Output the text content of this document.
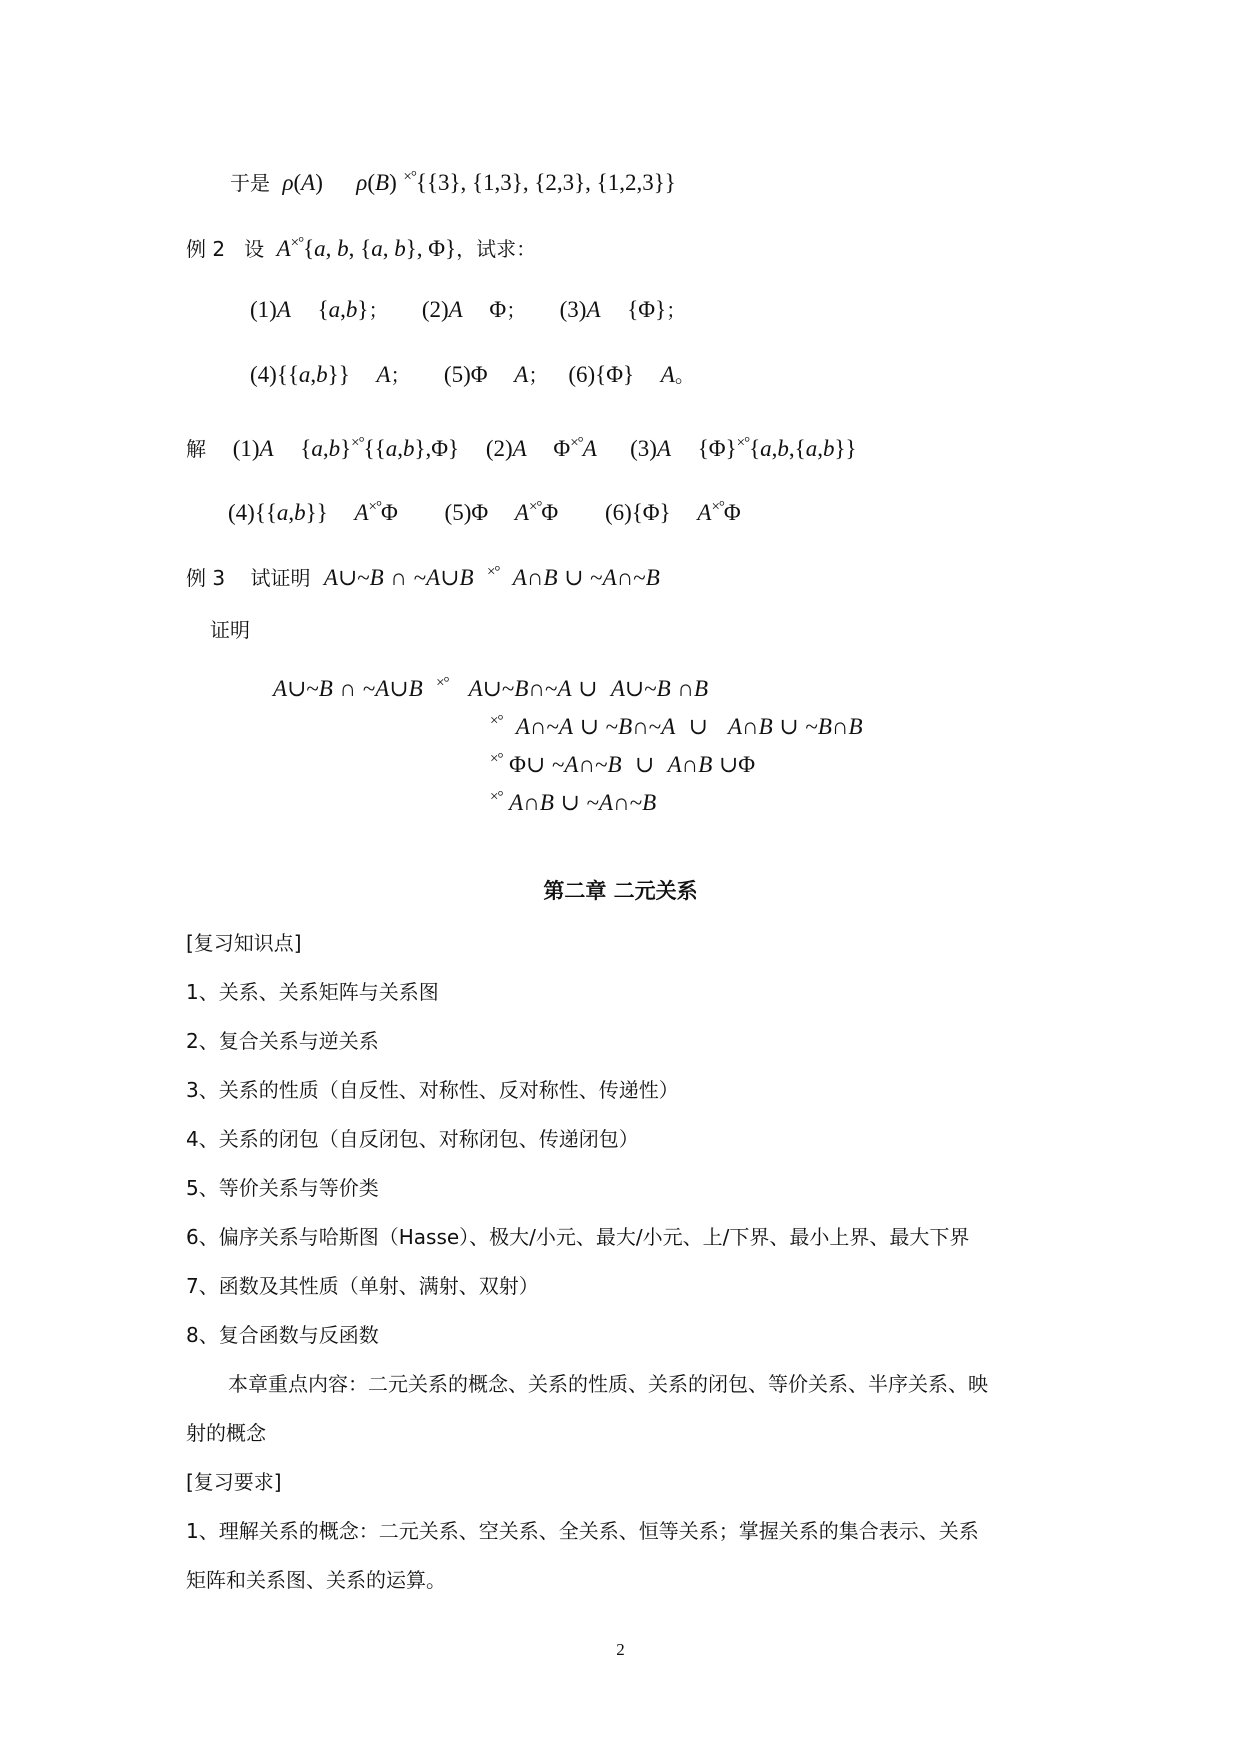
于是  ρ(A) ρ(B) ×°{{3}, {1,3}, {2,3}, {1,2,3}}
例 2   设  A×°{a, b, {a, b}, Φ}，试求：
(1)A {a,b}； (2)A Φ； (3)A {Φ}；
(4){{a,b}} A； (5)Φ A； (6){Φ} A。
解 (1)A {a,b}×°{{a,b},Φ} (2)A Φ×°A (3)A {Φ}×°{a,b,{a,b}}
(4){{a,b}} A×°Φ (5)Φ A×°Φ (6){Φ} A×°Φ
例 3    试证明 A∪~B ∩ ~A∪B ×° A∩B ∪ ~A∩~B
证明
A∪~B ∩ ~A∪B ×° A∪~B∩~A ∪ A∪~B ∩B
×° A∩~A ∪ ~B∩~A ∪ A∩B ∪ ~B∩B
×° Φ∪ ~A∩~B ∪ A∩B ∪Φ
×° A∩B ∪ ~A∩~B
第二章 二元关系
[复习知识点]
1、关系、关系矩阵与关系图
2、复合关系与逆关系
3、关系的性质（自反性、对称性、反对称性、传递性）
4、关系的闭包（自反闭包、对称闭包、传递闭包）
5、等价关系与等价类
6、偏序关系与哈斯图（Hasse）、极大/小元、最大/小元、上/下界、最小上界、最大下界
7、函数及其性质（单射、满射、双射）
8、复合函数与反函数
本章重点内容：二元关系的概念、关系的性质、关系的闭包、等价关系、半序关系、映
射的概念
[复习要求]
1、理解关系的概念：二元关系、空关系、全关系、恒等关系；掌握关系的集合表示、关系
矩阵和关系图、关系的运算。
2
